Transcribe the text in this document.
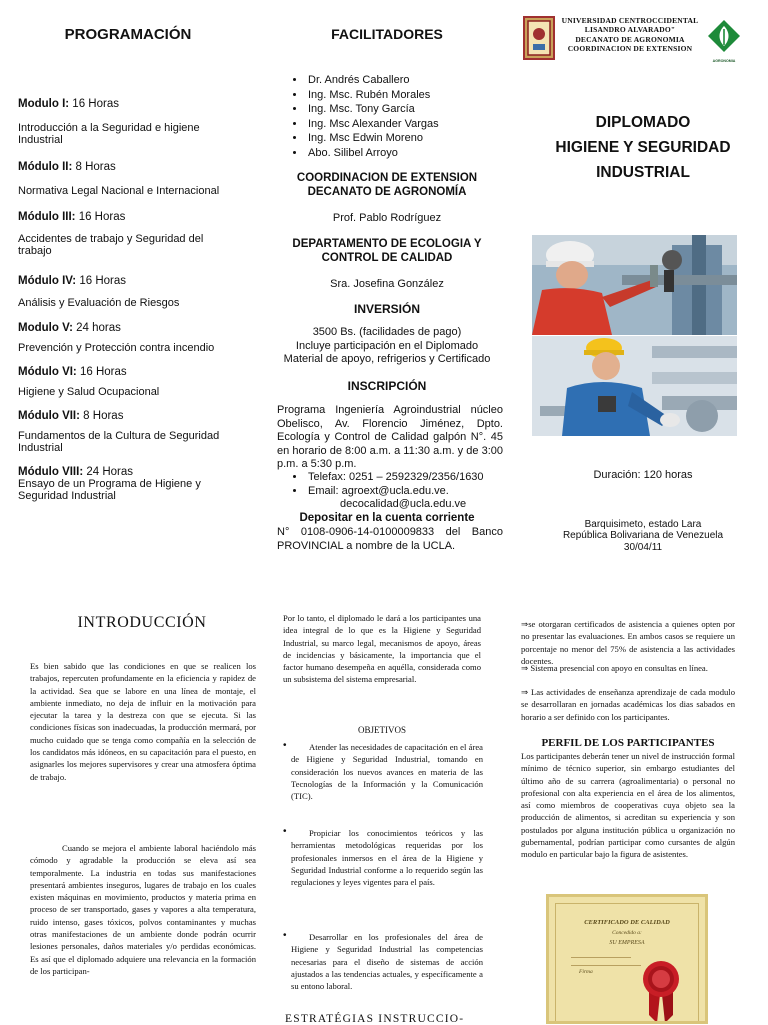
PROGRAMACIÓN
Modulo I: 16 Horas
Introducción a la Seguridad e higiene Industrial
Módulo II: 8 Horas
Normativa Legal Nacional e Internacional
Módulo III: 16 Horas
Accidentes de trabajo y Seguridad del trabajo
Módulo IV: 16 Horas
Análisis y Evaluación de Riesgos
Modulo V: 24 horas
Prevención y Protección contra incendio
Módulo VI: 16 Horas
Higiene y Salud Ocupacional
Módulo VII: 8 Horas
Fundamentos de la Cultura de Seguridad Industrial
Módulo VIII: 24 Horas
Ensayo de un Programa de Higiene y Seguridad Industrial
FACILITADORES
• Dr. Andrés Caballero
• Ing. Msc. Rubén Morales
• Ing. Msc. Tony García
• Ing. Msc Alexander Vargas
• Ing. Msc Edwin Moreno
• Abo. Silibel Arroyo
COORDINACION DE EXTENSION
DECANATO DE AGRONOMÍA
Prof. Pablo Rodríguez
DEPARTAMENTO DE ECOLOGIA Y
CONTROL DE CALIDAD
Sra. Josefina González
INVERSIÓN
3500 Bs. (facilidades de pago)
Incluye participación en el Diplomado
Material de apoyo, refrigerios y Certificado
INSCRIPCIÓN
Programa Ingeniería Agroindustrial núcleo Obelisco, Av. Florencio Jiménez, Dpto. Ecología y Control de Calidad galpón N°. 45 en horario de 8:00 a.m. a 11:30 a.m. y de 3:00 p.m. a 5:30 p.m.
• Telefax: 0251 – 2592329/2356/1630
• Email: agroext@ucla.edu.ve.
decocalidad@ucla.edu.ve
Depositar en la cuenta corriente
N° 0108-0906-14-0100009833 del Banco PROVINCIAL a nombre de la UCLA.
UNIVERSIDAD CENTROCCIDENTAL
LISANDRO ALVARADO"
DECANATO DE AGRONOMIA
COORDINACION DE EXTENSION
AGRONOMIA
DIPLOMADO
HIGIENE Y SEGURIDAD
INDUSTRIAL
Duración: 120 horas
Barquisimeto, estado Lara
República Bolivariana de Venezuela
30/04/11
INTRODUCCIÓN
Es bien sabido que las condiciones en que se realicen los trabajos, repercuten profundamente en la eficiencia y rapidez de la actividad. Sea que se labore en una línea de montaje, el ambiente inmediato, no deja de influir en la motivación para ejecutar la tarea y la destreza con que se ejecuta. Si las condiciones físicas son inadecuadas, la producción mermará, por mucho cuidado que se tenga como compañía en la selección de los candidatos más idóneos, en su capacitación para el puesto, en asignarles los mejores supervisores y crear una atmosfera óptima de trabajo.
Cuando se mejora el ambiente laboral haciéndolo más cómodo y agradable la producción se eleva así sea temporalmente. La industria en todas sus manifestaciones presentará ambientes inseguros, lugares de trabajo en los cuales existen máquinas en movimiento, productos y materia prima en proceso de ser transportado, gases y vapores a alta temperatura, ruido intenso, gases tóxicos, polvos contaminantes y muchas otras manifestaciones de un ambiente donde podrán ocurrir lesiones personales, daños materiales y/o perdidas económicas. Es así que el diplomado adquiere una relevancia en la formación de los participan-
Por lo tanto, el diplomado le dará a los participantes una idea integral de lo que es la Higiene y Seguridad Industrial, su marco legal, mecanismos de apoyo, áreas de incidencias y básicamente, la importancia que el factor humano desempeña en aquélla, considerada como un subsistema del sistema empresarial.
OBJETIVOS
•	Atender las necesidades de capacitación en el área de Higiene y Seguridad Industrial, tomando en consideración los nuevos avances en materia de las Tecnologías de la Información y la Comunicación (TIC).
•	Propiciar los conocimientos teóricos y las herramientas metodológicas requeridas por los profesionales inmersos en el área de la Higiene y Seguridad Industrial conforme a lo requerido según las regulaciones y leyes vigentes para el país.
•	Desarrollar en los profesionales del área de Higiene y Seguridad Industrial las competencias necesarias para el diseño de sistemas de acción ajustados a las tendencias actuales, y específicamente a su entono laboral.
ESTRATÉGIAS INSTRUCCIO-
⇒se otorgaran certificados de asistencia a quienes opten por no presentar las evaluaciones. En ambos casos se requiere un porcentaje no menor del 75% de asistencia a las actividades docentes.
⇒ Sistema presencial con apoyo en consultas en línea.
⇒ Las actividades de enseñanza aprendizaje de cada modulo se desarrollaran en jornadas académicas los dias sabados en horario a ser definido con los participantes.
PERFIL DE LOS PARTICIPANTES
Los participantes deberán tener un nivel de instrucción formal mínimo de técnico superior, sin embargo estudiantes del último año de su carrera (agroalimentaria) o personal no profesional con alta experiencia en el área de los alimentos, así como miembros de cooperativas cuya objeto sea la producción de alimentos, si acreditan su experiencia y son postulados por alguna institución pública u organización no gubernamental, podrían participar como cursantes de algún modulo en particular bajo la figura de asistentes.
CERTIFICADO DE CALIDAD
Concedido a:
SU EMPRESA
Firma
